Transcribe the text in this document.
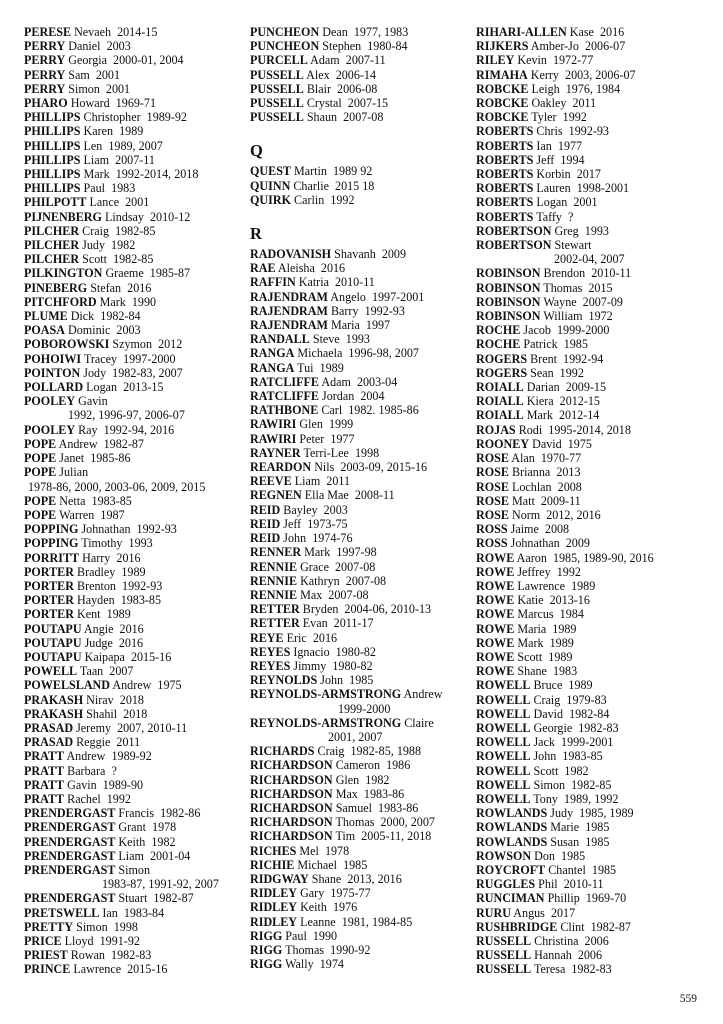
PERESE Nevaeh 2014-15
PERRY Daniel 2003
PERRY Georgia 2000-01, 2004
PERRY Sam 2001
PERRY Simon 2001
PHARO Howard 1969-71
PHILLIPS Christopher 1989-92
PHILLIPS Karen 1989
PHILLIPS Len 1989, 2007
PHILLIPS Liam 2007-11
PHILLIPS Mark 1992-2014, 2018
PHILLIPS Paul 1983
PHILPOTT Lance 2001
PIJNENBERG Lindsay 2010-12
PILCHER Craig 1982-85
PILCHER Judy 1982
PILCHER Scott 1982-85
PILKINGTON Graeme 1985-87
PINEBERG Stefan 2016
PITCHFORD Mark 1990
PLUME Dick 1982-84
POASA Dominic 2003
POBOROWSKI Szymon 2012
POHOIWI Tracey 1997-2000
POINTON Jody 1982-83, 2007
POLLARD Logan 2013-15
POOLEY Gavin
1992, 1996-97, 2006-07
POOLEY Ray 1992-94, 2016
POPE Andrew 1982-87
POPE Janet 1985-86
POPE Julian
1978-86, 2000, 2003-06, 2009, 2015
POPE Netta 1983-85
POPE Warren 1987
POPPING Johnathan 1992-93
POPPING Timothy 1993
PORRITT Harry 2016
PORTER Bradley 1989
PORTER Brenton 1992-93
PORTER Hayden 1983-85
PORTER Kent 1989
POUTAPU Angie 2016
POUTAPU Judge 2016
POUTAPU Kaipapa 2015-16
POWELL Taan 2007
POWELSLAND Andrew 1975
PRAKASH Nirav 2018
PRAKASH Shahil 2018
PRASAD Jeremy 2007, 2010-11
PRASAD Reggie 2011
PRATT Andrew 1989-92
PRATT Barbara ?
PRATT Gavin 1989-90
PRATT Rachel 1992
PRENDERGAST Francis 1982-86
PRENDERGAST Grant 1978
PRENDERGAST Keith 1982
PRENDERGAST Liam 2001-04
PRENDERGAST Simon
1983-87, 1991-92, 2007
PRENDERGAST Stuart 1982-87
PRETSWELL Ian 1983-84
PRETTY Simon 1998
PRICE Lloyd 1991-92
PRIEST Rowan 1982-83
PRINCE Lawrence 2015-16
PUNCHEON Dean 1977, 1983
PUNCHEON Stephen 1980-84
PURCELL Adam 2007-11
PUSSELL Alex 2006-14
PUSSELL Blair 2006-08
PUSSELL Crystal 2007-15
PUSSELL Shaun 2007-08
Q
QUEST Martin 1989 92
QUINN Charlie 2015 18
QUIRK Carlin 1992
R
RADOVANISH Shavanh 2009
RAE Aleisha 2016
RAFFIN Katria 2010-11
RAJENDRAM Angelo 1997-2001
RAJENDRAM Barry 1992-93
RAJENDRAM Maria 1997
RANDALL Steve 1993
RANGA Michaela 1996-98, 2007
RANGA Tui 1989
RATCLIFFE Adam 2003-04
RATCLIFFE Jordan 2004
RATHBONE Carl 1982. 1985-86
RAWIRI Glen 1999
RAWIRI Peter 1977
RAYNER Terri-Lee 1998
REARDON Nils 2003-09, 2015-16
REEVE Liam 2011
REGNEN Ella Mae 2008-11
REID Bayley 2003
REID Jeff 1973-75
REID John 1974-76
RENNER Mark 1997-98
RENNIE Grace 2007-08
RENNIE Kathryn 2007-08
RENNIE Max 2007-08
RETTER Bryden 2004-06, 2010-13
RETTER Evan 2011-17
REYE Eric 2016
REYES Ignacio 1980-82
REYES Jimmy 1980-82
REYNOLDS John 1985
REYNOLDS-ARMSTRONG Andrew
1999-2000
REYNOLDS-ARMSTRONG Claire
2001, 2007
RICHARDS Craig 1982-85, 1988
RICHARDSON Cameron 1986
RICHARDSON Glen 1982
RICHARDSON Max 1983-86
RICHARDSON Samuel 1983-86
RICHARDSON Thomas 2000, 2007
RICHARDSON Tim 2005-11, 2018
RICHES Mel 1978
RICHIE Michael 1985
RIDGWAY Shane 2013, 2016
RIDLEY Gary 1975-77
RIDLEY Keith 1976
RIDLEY Leanne 1981, 1984-85
RIGG Paul 1990
RIGG Thomas 1990-92
RIGG Wally 1974
RIHARI-ALLEN Kase 2016
RIJKERS Amber-Jo 2006-07
RILEY Kevin 1972-77
RIMAHA Kerry 2003, 2006-07
ROBCKE Leigh 1976, 1984
ROBCKE Oakley 2011
ROBCKE Tyler 1992
ROBERTS Chris 1992-93
ROBERTS Ian 1977
ROBERTS Jeff 1994
ROBERTS Korbin 2017
ROBERTS Lauren 1998-2001
ROBERTS Logan 2001
ROBERTS Taffy ?
ROBERTSON Greg 1993
ROBERTSON Stewart
2002-04, 2007
ROBINSON Brendon 2010-11
ROBINSON Thomas 2015
ROBINSON Wayne 2007-09
ROBINSON William 1972
ROCHE Jacob 1999-2000
ROCHE Patrick 1985
ROGERS Brent 1992-94
ROGERS Sean 1992
ROIALL Darian 2009-15
ROIALL Kiera 2012-15
ROIALL Mark 2012-14
ROJAS Rodi 1995-2014, 2018
ROONEY David 1975
ROSE Alan 1970-77
ROSE Brianna 2013
ROSE Lochlan 2008
ROSE Matt 2009-11
ROSE Norm 2012, 2016
ROSS Jaime 2008
ROSS Johnathan 2009
ROWE Aaron 1985, 1989-90, 2016
ROWE Jeffrey 1992
ROWE Lawrence 1989
ROWE Katie 2013-16
ROWE Marcus 1984
ROWE Maria 1989
ROWE Mark 1989
ROWE Scott 1989
ROWE Shane 1983
ROWELL Bruce 1989
ROWELL Craig 1979-83
ROWELL David 1982-84
ROWELL Georgie 1982-83
ROWELL Jack 1999-2001
ROWELL John 1983-85
ROWELL Scott 1982
ROWELL Simon 1982-85
ROWELL Tony 1989, 1992
ROWLANDS Judy 1985, 1989
ROWLANDS Marie 1985
ROWLANDS Susan 1985
ROWSON Don 1985
ROYCROFT Chantel 1985
RUGGLES Phil 2010-11
RUNCIMAN Phillip 1969-70
RURU Angus 2017
RUSHBRIDGE Clint 1982-87
RUSSELL Christina 2006
RUSSELL Hannah 2006
RUSSELL Teresa 1982-83
559
